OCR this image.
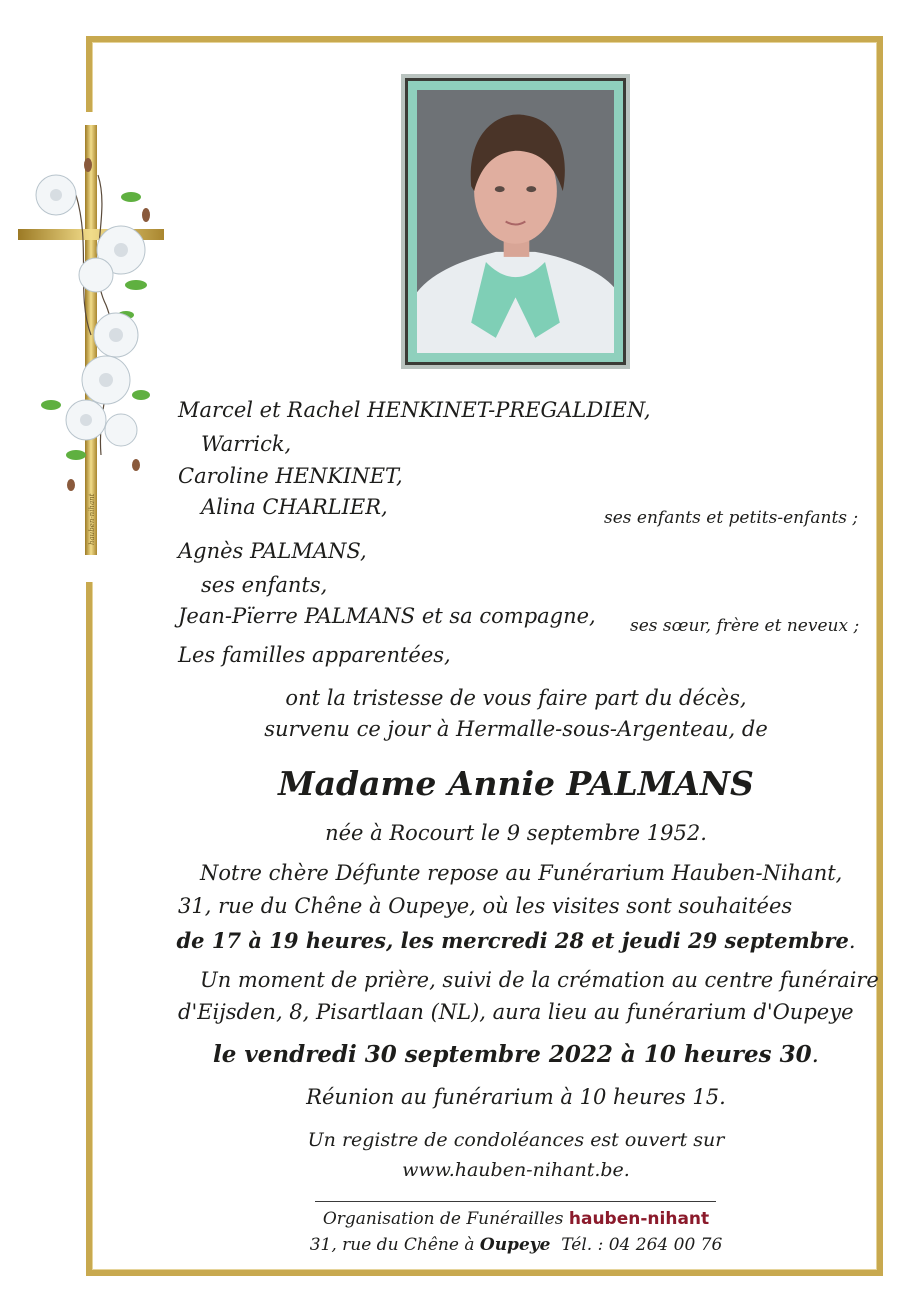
hauben-nihant
Marcel et Rachel HENKINET-PREGALDIEN,
Warrick,
Caroline HENKINET,
Alina CHARLIER,	ses enfants et petits-enfants ;
Agnès PALMANS,
ses enfants,
Jean-Pïerre PALMANS et sa compagne, ses sœur, frère et neveux ;
Les familles apparentées,
ont la tristesse de vous faire part du décès,
survenu ce jour à Hermalle-sous-Argenteau, de
Madame Annie PALMANS
née à Rocourt le 9 septembre 1952.
Notre chère Défunte repose au Funérarium Hauben-Nihant,
31, rue du Chêne à Oupeye, où les visites sont souhaitées
de 17 à 19 heures, les mercredi 28 et jeudi 29 septembre.
Un moment de prière, suivi de la crémation au centre funéraire
d'Eijsden, 8, Pisartlaan (NL), aura lieu au funérarium d'Oupeye
le vendredi 30 septembre 2022 à 10 heures 30.
Réunion au funérarium à 10 heures 15.
Un registre de condoléances est ouvert sur
www.hauben-nihant.be.
Organisation de Funérailles hauben-nihant
31, rue du Chêne à Oupeye Tél. : 04 264 00 76
